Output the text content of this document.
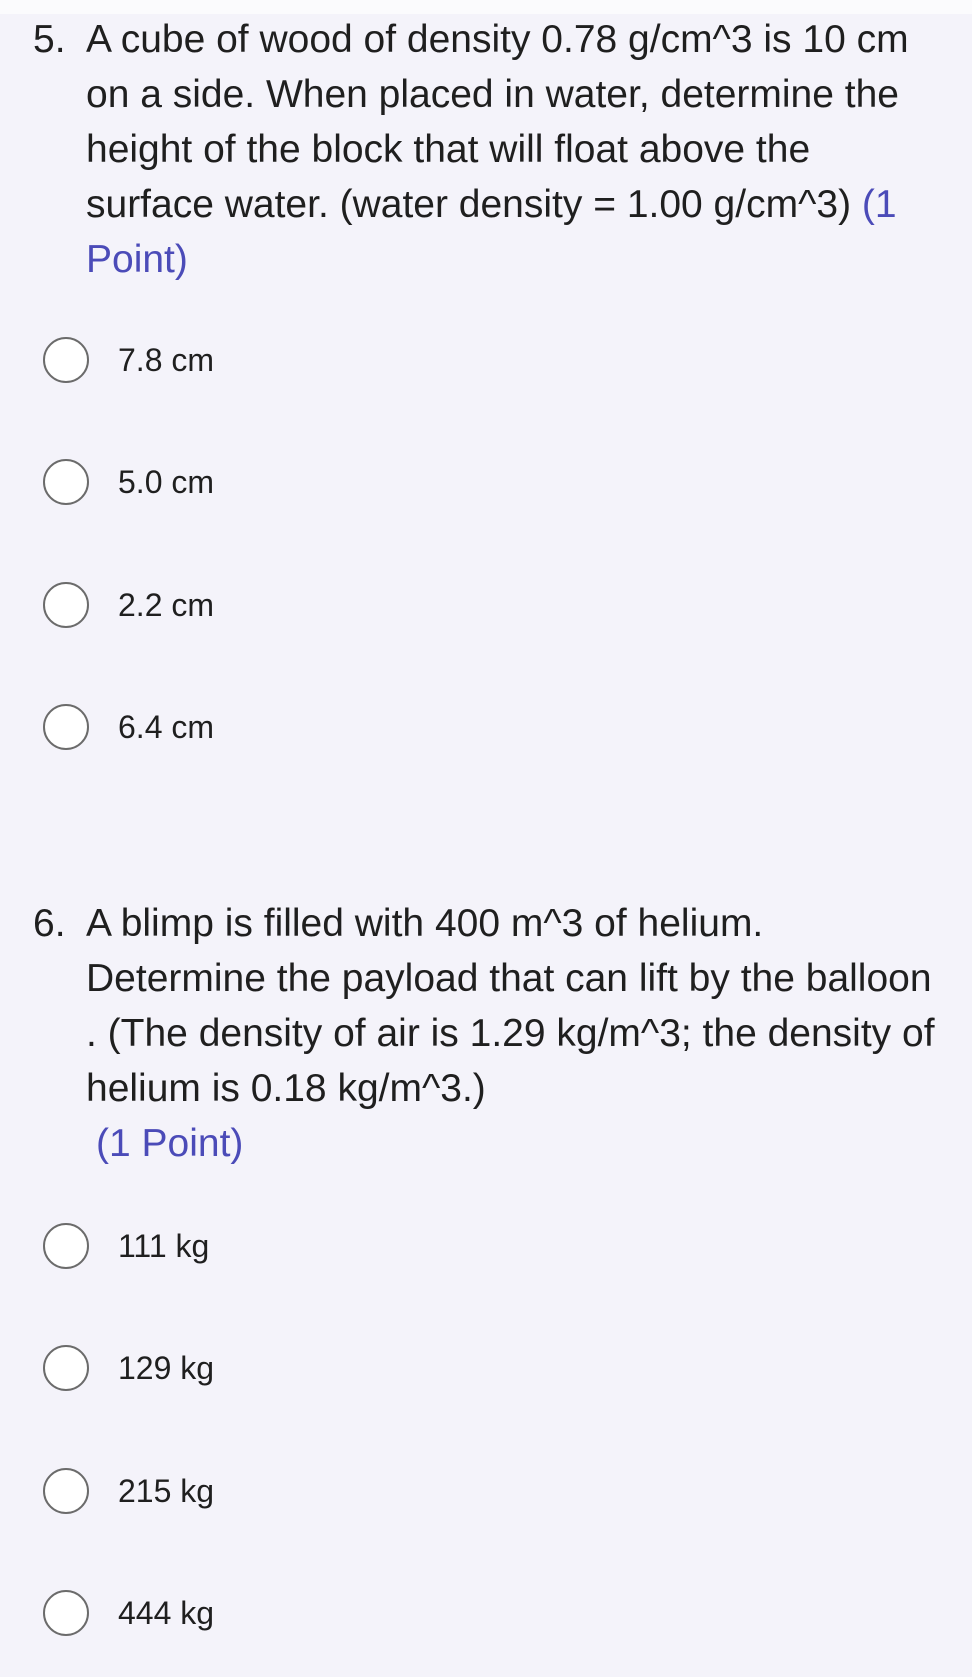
5. A cube of wood of density 0.78 g/cm^3 is 10 cm on a side. When placed in water, determine the height of the block that will float above the surface water. (water density = 1.00 g/cm^3) (1 Point)
7.8 cm
5.0 cm
2.2 cm
6.4 cm
6. A blimp is filled with 400 m^3 of helium. Determine the payload that can lift by the balloon . (The density of air is 1.29 kg/m^3; the density of helium is 0.18 kg/m^3.)
(1 Point)
111 kg
129 kg
215 kg
444 kg
